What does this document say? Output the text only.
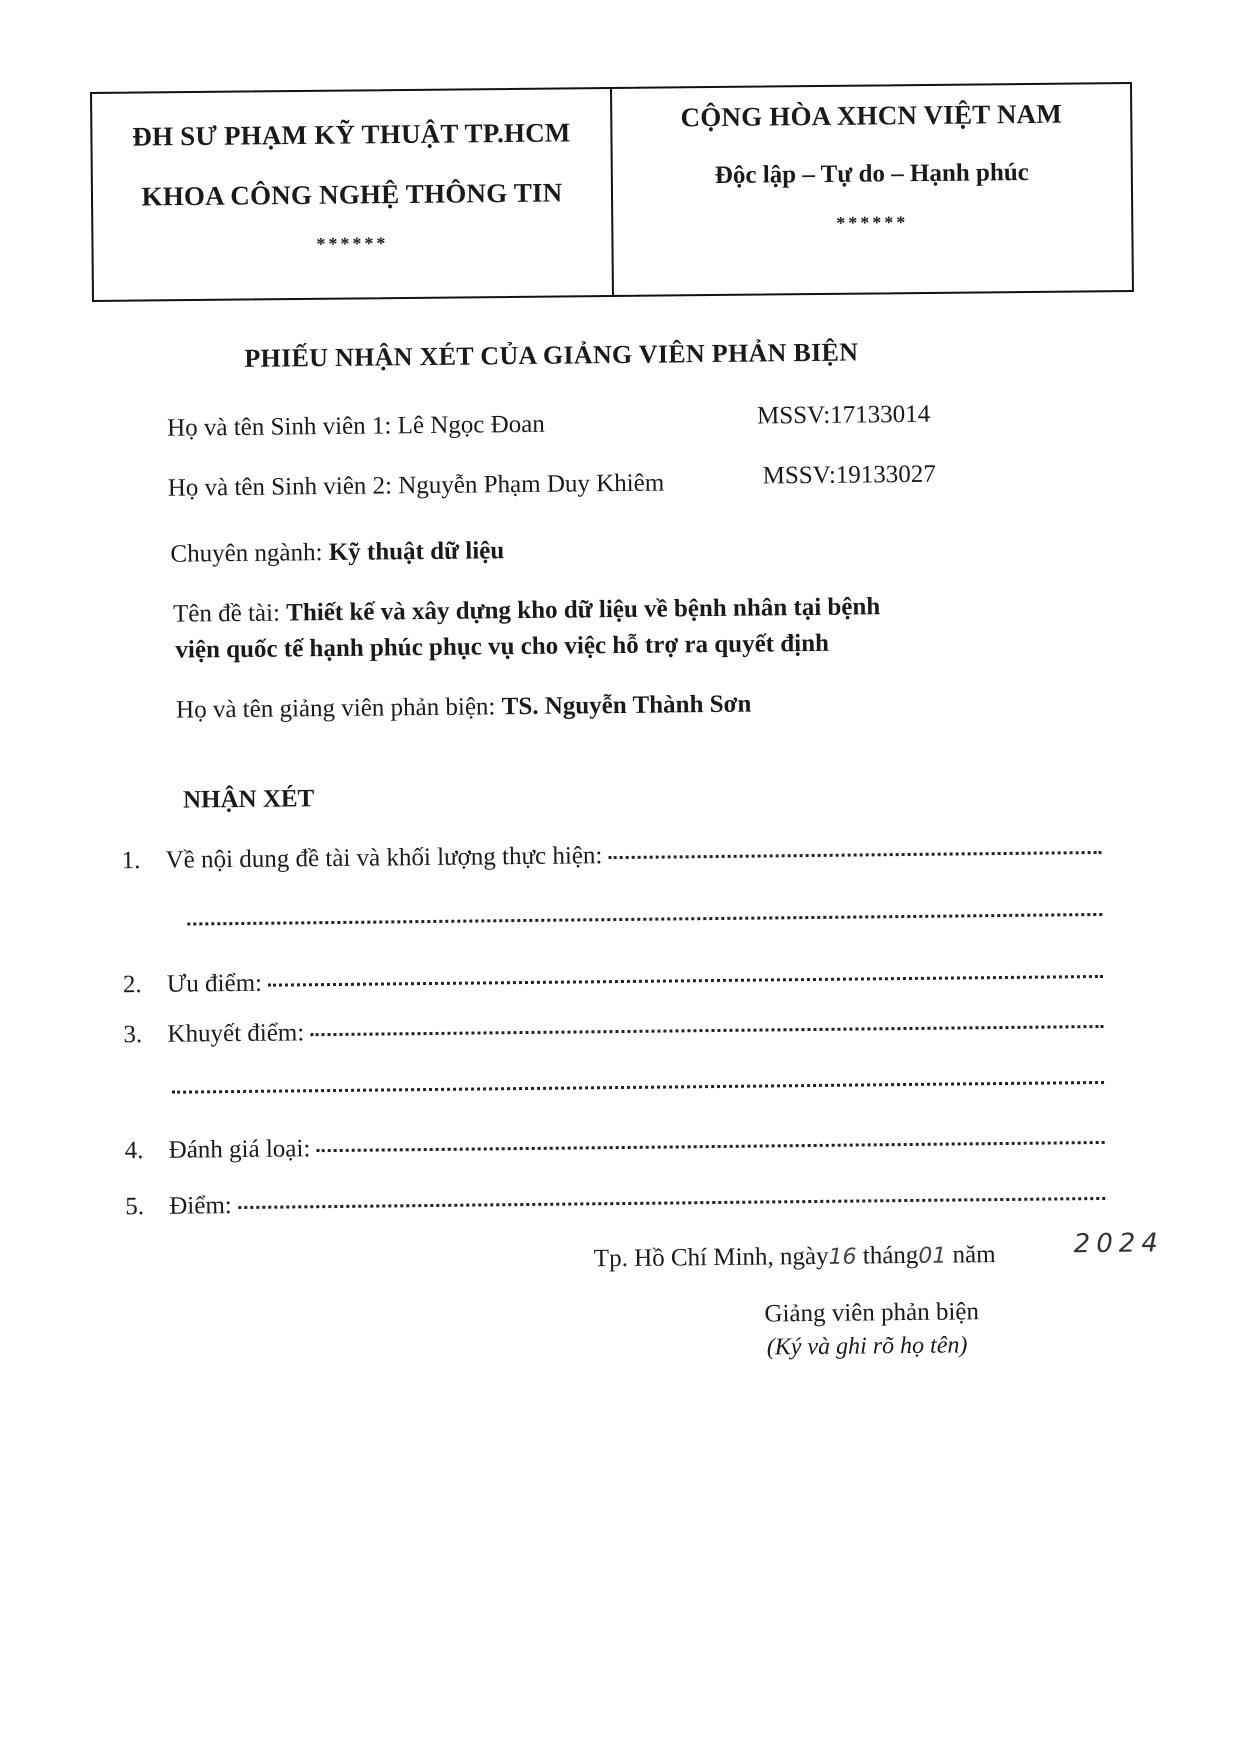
ĐH SƯ PHẠM KỸ THUẬT TP.HCM
KHOA CÔNG NGHỆ THÔNG TIN
******
CỘNG HÒA XHCN VIỆT NAM
Độc lập – Tự do – Hạnh phúc
******
PHIẾU NHẬN XÉT CỦA GIẢNG VIÊN PHẢN BIỆN
Họ và tên Sinh viên 1: Lê Ngọc Đoan	MSSV:17133014
Họ và tên Sinh viên 2: Nguyễn Phạm Duy Khiêm	MSSV:19133027
Chuyên ngành: Kỹ thuật dữ liệu
Tên đề tài: Thiết kế và xây dựng kho dữ liệu về bệnh nhân tại bệnh
viện quốc tế hạnh phúc phục vụ cho việc hỗ trợ ra quyết định
Họ và tên giảng viên phản biện: TS. Nguyễn Thành Sơn
NHẬN XÉT
1. Về nội dung đề tài và khối lượng thực hiện:
2. Ưu điểm:
3. Khuyết điểm:
4. Đánh giá loại:
5. Điểm:
Tp. Hồ Chí Minh, ngày16 tháng01 năm	2024
Giảng viên phản biện
(Ký và ghi rõ họ tên)
